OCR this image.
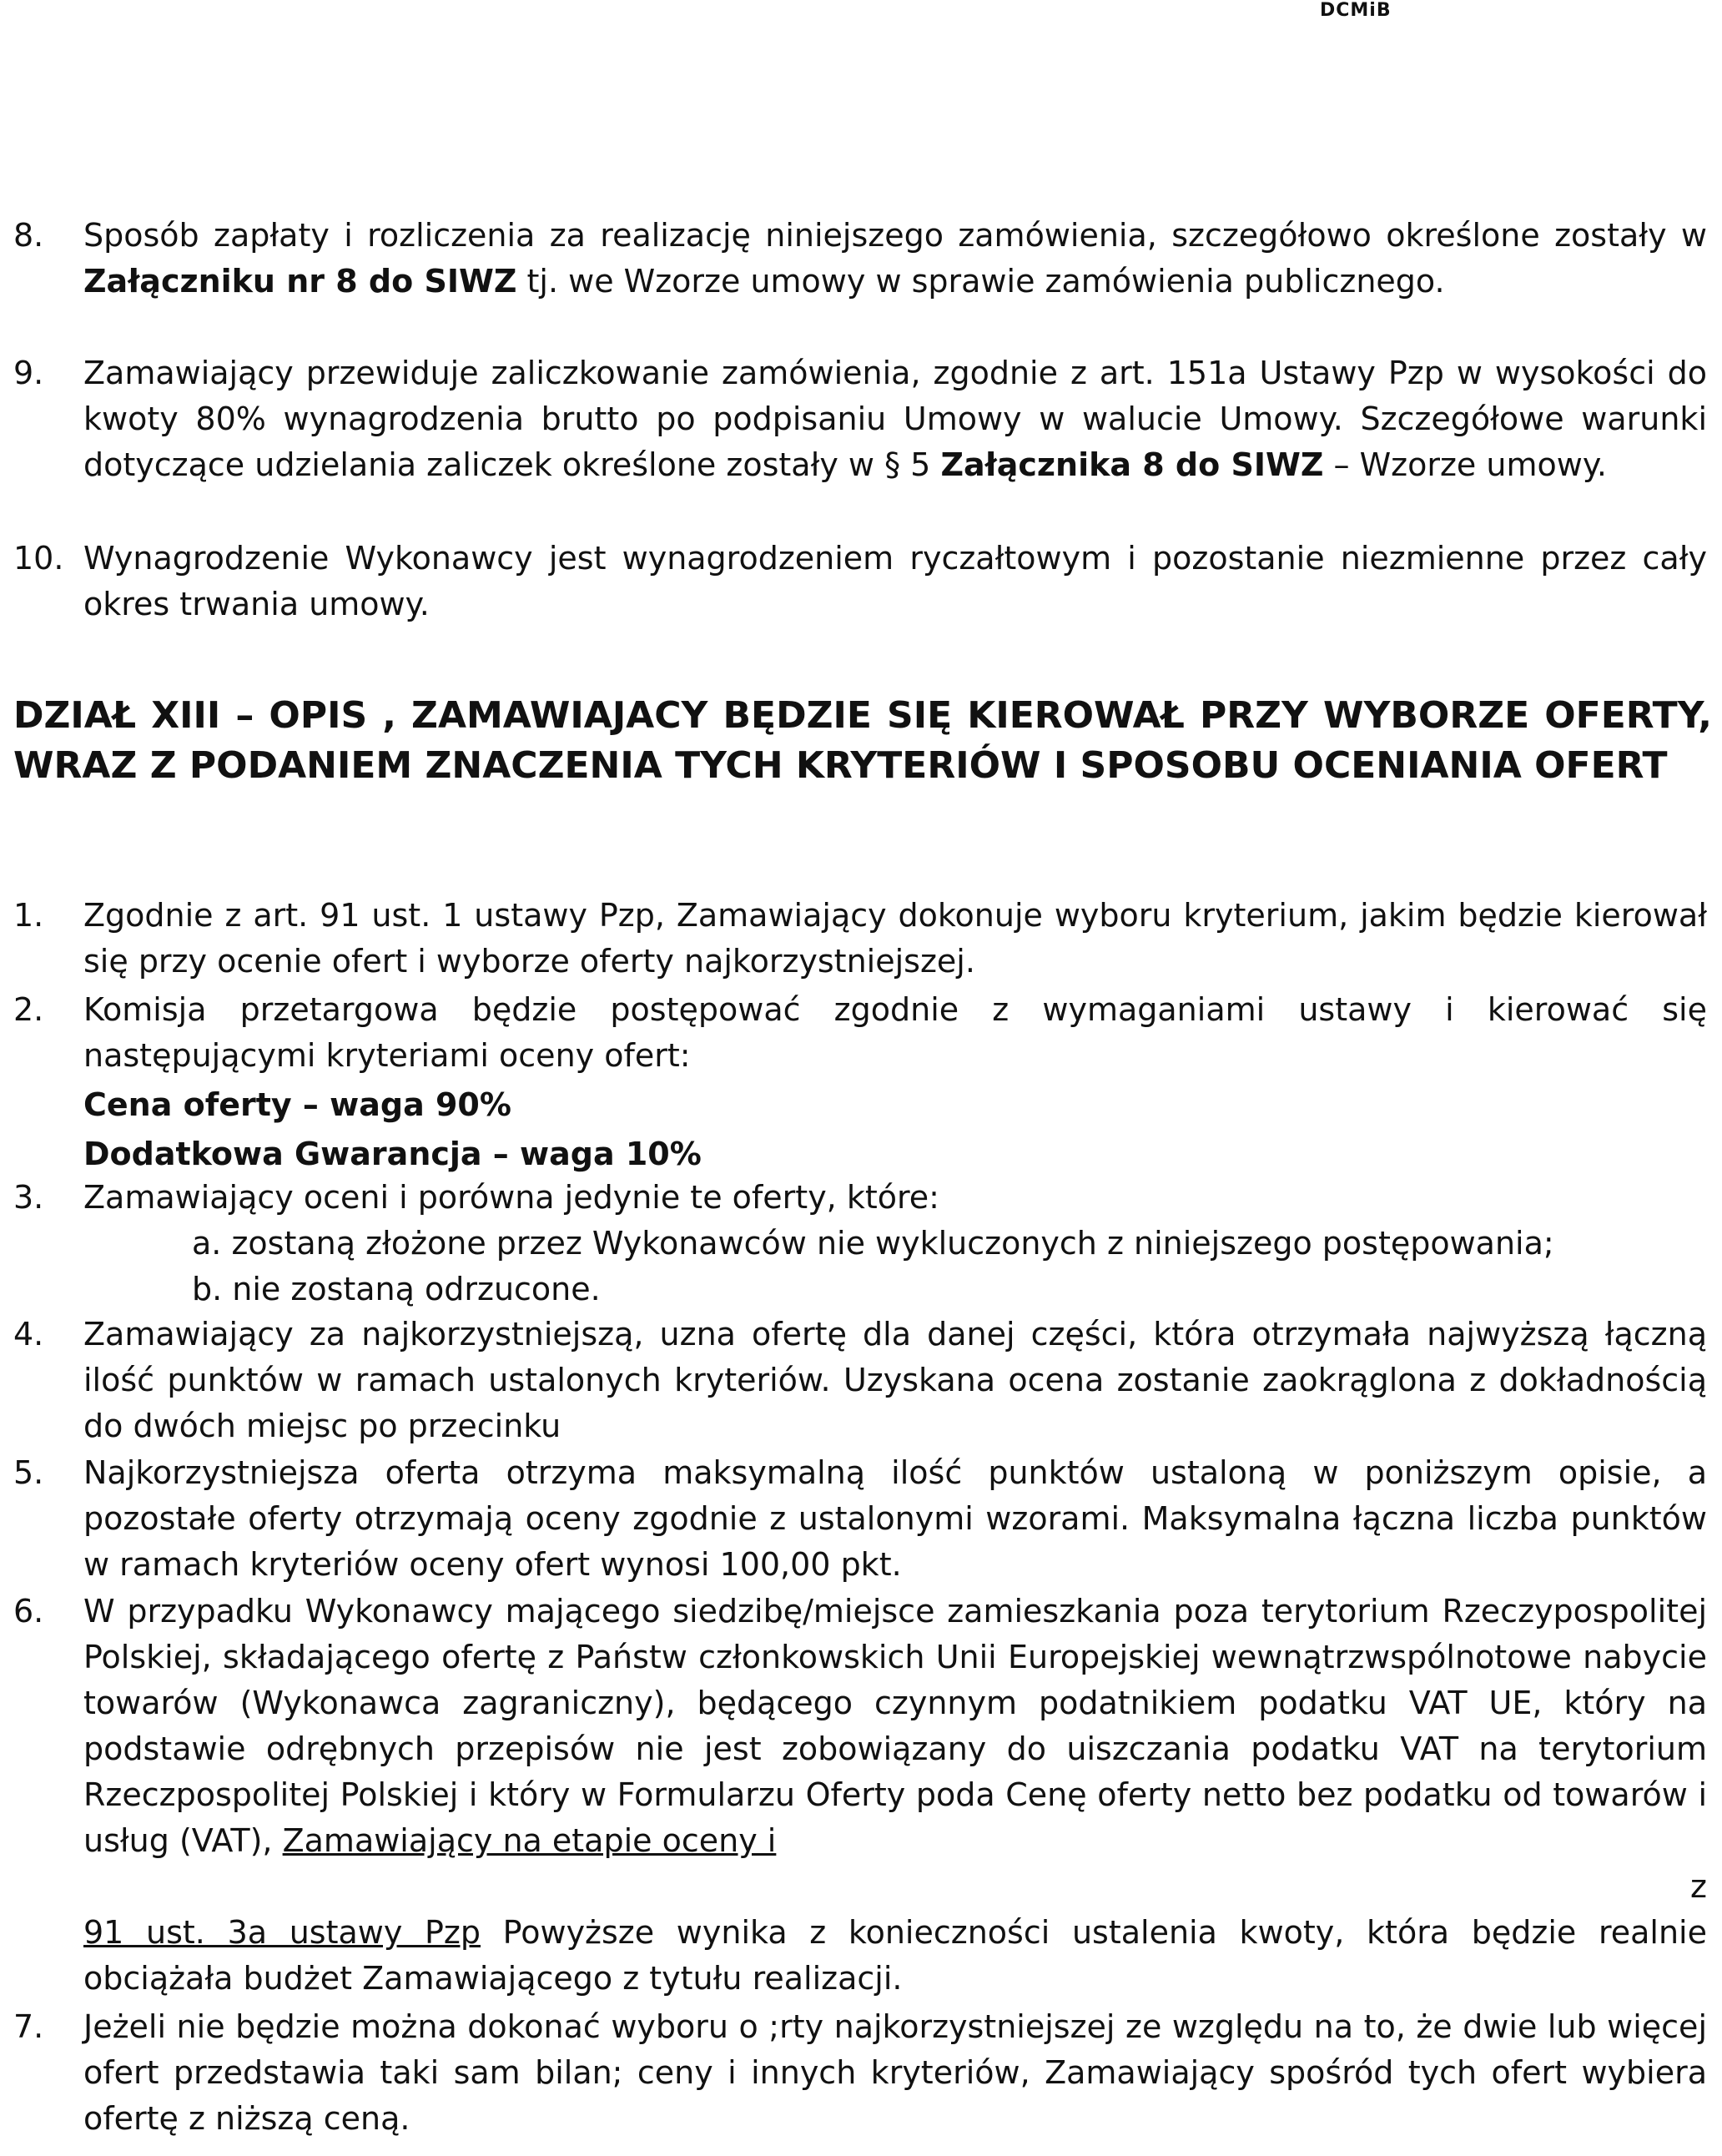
DCMiB
8. Sposób zapłaty i rozliczenia za realizację niniejszego zamówienia, szczegółowo określone zostały w Załączniku nr 8 do SIWZ tj. we Wzorze umowy w sprawie zamówienia publicznego.
9. Zamawiający przewiduje zaliczkowanie zamówienia, zgodnie z art. 151a Ustawy Pzp w wysokości do kwoty 80% wynagrodzenia brutto po podpisaniu Umowy w walucie Umowy. Szczegółowe warunki dotyczące udzielania zaliczek określone zostały w § 5 Załącznika 8 do SIWZ – Wzorze umowy.
10. Wynagrodzenie Wykonawcy jest wynagrodzeniem ryczałtowym i pozostanie niezmienne przez cały okres trwania umowy.
DZIAŁ XIII – OPIS , ZAMAWIAJACY BĘDZIE SIĘ KIEROWAŁ PRZY WYBORZE OFERTY, WRAZ Z PODANIEM ZNACZENIA TYCH KRYTERIÓW I SPOSOBU OCENIANIA OFERT
1. Zgodnie z art. 91 ust. 1 ustawy Pzp, Zamawiający dokonuje wyboru kryterium, jakim będzie kierował się przy ocenie ofert i wyborze oferty najkorzystniejszej.
2. Komisja przetargowa będzie postępować zgodnie z wymaganiami ustawy i kierować się następującymi kryteriami oceny ofert:
Cena oferty – waga 90%
Dodatkowa Gwarancja – waga 10%
3. Zamawiający oceni i porówna jedynie te oferty, które:
a. zostaną złożone przez Wykonawców nie wykluczonych z niniejszego postępowania;
b. nie zostaną odrzucone.
4. Zamawiający za najkorzystniejszą, uzna ofertę dla danej części, która otrzymała najwyższą łączną ilość punktów w ramach ustalonych kryteriów. Uzyskana ocena zostanie zaokrąglona z dokładnością do dwóch miejsc po przecinku
5. Najkorzystniejsza oferta otrzyma maksymalną ilość punktów ustaloną w poniższym opisie, a pozostałe oferty otrzymają oceny zgodnie z ustalonymi wzorami. Maksymalna łączna liczba punktów w ramach kryteriów oceny ofert wynosi 100,00 pkt.
6. W przypadku Wykonawcy mającego siedzibę/miejsce zamieszkania poza terytorium Rzeczypospolitej Polskiej, składającego ofertę z Państw członkowskich Unii Europejskiej wewnątrzwspólnotowe nabycie towarów (Wykonawca zagraniczny), będącego czynnym podatnikiem podatku VAT UE, który na podstawie odrębnych przepisów nie jest zobowiązany do uiszczania podatku VAT na terytorium Rzeczpospolitej Polskiej i który w Formularzu Oferty poda Cenę oferty netto bez podatku od towarów i usług (VAT), Zamawiający na etapie oceny i
z
91 ust. 3a ustawy Pzp Powyższe wynika z konieczności ustalenia kwoty, która będzie realnie obciążała budżet Zamawiającego z tytułu realizacji.
7. Jeżeli nie będzie można dokonać wyboru o ;rty najkorzystniejszej ze względu na to, że dwie lub więcej ofert przedstawia taki sam bilan; ceny i innych kryteriów, Zamawiający spośród tych ofert wybiera ofertę z niższą ceną.
